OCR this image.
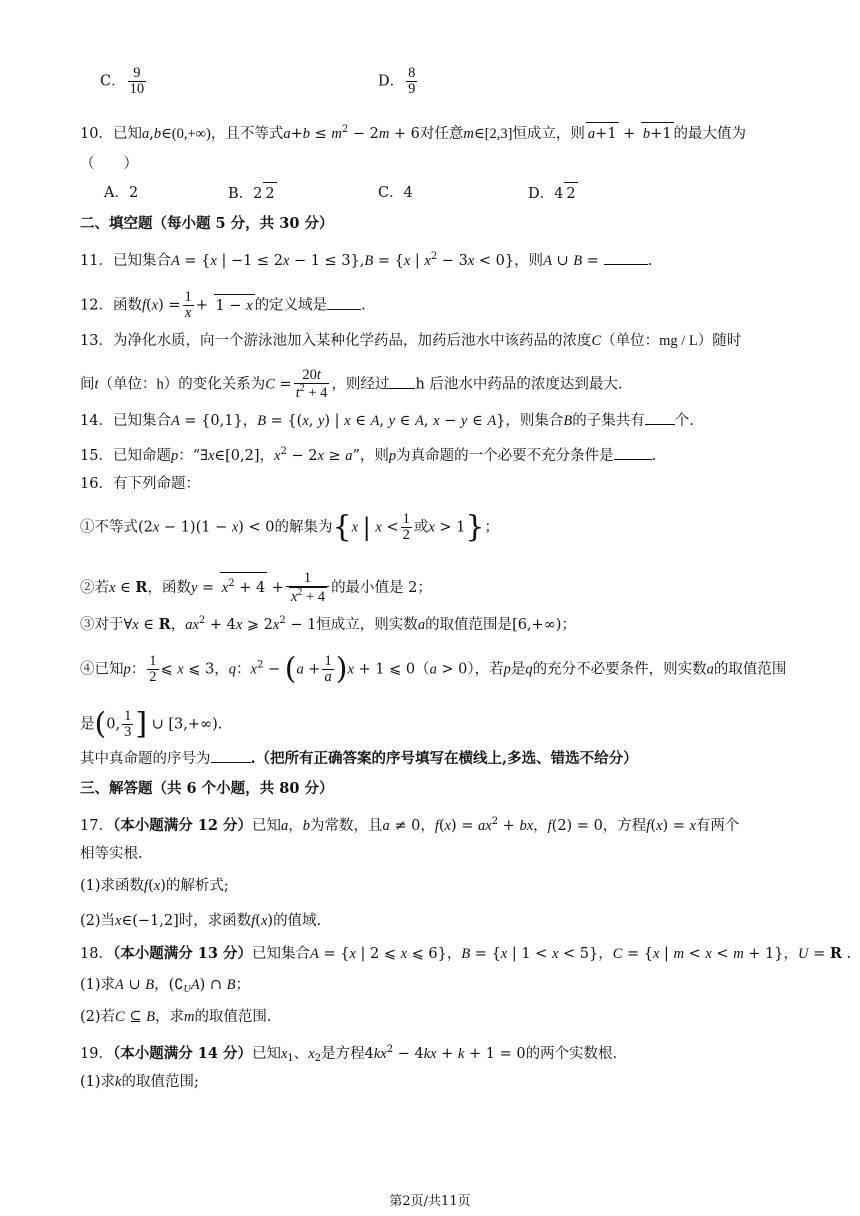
C． $\frac{9}{10}$	D． $\frac{8}{9}$
10．已知a,b∈(0,+∞)，且不等式$a+b \le m^2 - 2m + 6$对任意m∈[2,3]恒成立，则 a+1 + b+1 的最大值为
（　　）
A．2	B．2 2	C．4	D．4 2
二、填空题（每小题 5 分，共 30 分）
11．已知集合A = {x | −1 ≤ 2x − 1 ≤ 3},B = {x | $x^2 - 3x < 0$}，则A ∪ B =	.
12．函数$f(x) = \frac{1}{x} + 1 - x$ 的定义域是 .
13．为净化水质，向一个游泳池加入某种化学药品，加药后池水中该药品的浓度C（单位：mg / L）随时
间t（单位：h）的变化关系为$C = \frac{20t}{t^2 + 4}$ ，则经过 h 后池水中药品的浓度达到最大.
14．已知集合A = {0,1}，B = {(x, y) | x ∈ A, y ∈ A, x − y ∈ A}，则集合B的子集共有 个.
15．已知命题p：“∃x∈[0,2]，$x^2 - 2x \ge a$”，则p为真命题的一个必要不充分条件是	.
16．有下列命题：
①不等式(2x − 1)(1 − x) < 0的解集为{x | $x < \frac{1}{2}$ 或x > 1}；
②若x ∈ R，函数$y = x^2 + 4 + \frac{1}{x^2 + 4}$ 的最小值是 2；
③对于∀x ∈ R，$ax^2 + 4x$ ⩾ $2x^2 - 1$恒成立，则实数a的取值范围是[6,+∞)；
④已知p： $\frac{1}{2}$ ⩽ x ⩽ 3，q：$x^2 - (a + \frac{1}{a} )x + 1$ ⩽ 0（a > 0），若p是q的充分不必要条件，则实数a的取值范围
是(0, $\frac{1}{3}$ ] ∪ [3,+∞).
其中真命题的序号为	.（把所有正确答案的序号填写在横线上,多选、错选不给分）
三、解答题（共 6 个小题，共 80 分）
17．（本小题满分 12 分）已知a，b为常数，且a ≠ 0，$f(x) = ax^2$ + bx，f(2) = 0，方程f(x) = x有两个
相等实根.
(1)求函数f(x)的解析式;
(2)当x∈(−1,2]时，求函数f(x)的值域.
18．（本小题满分 13 分）已知集合A = {x | 2 ⩽ x ⩽ 6}，B = {x | 1 < x < 5}，C = {x | m < x < m + 1}，U = R .
(1)求A ∪ B，$(∁_UA)$ ∩ B；
(2)若C ⊆ B，求m的取值范围.
19．（本小题满分 14 分）已知$x_1$、$x_2$是方程$4kx^2 - 4kx + k + 1 = 0$的两个实数根.
(1)求k的取值范围;
第2页/共11页
